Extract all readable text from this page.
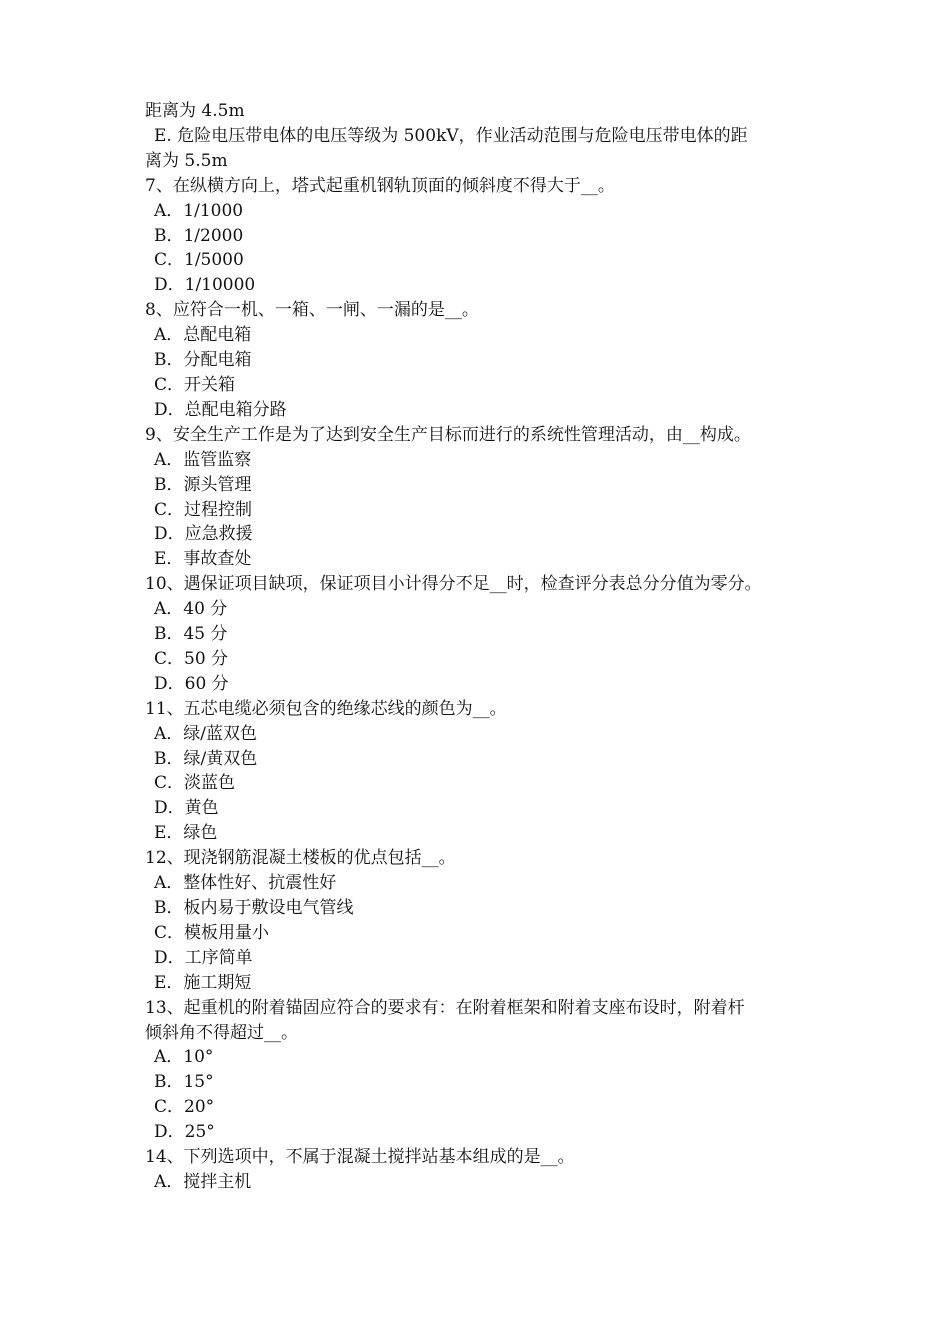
距离为 4.5m
E. 危险电压带电体的电压等级为 500kV，作业活动范围与危险电压带电体的距
离为 5.5m
7、在纵横方向上，塔式起重机钢轨顶面的倾斜度不得大于__。
A．1/1000
B．1/2000
C．1/5000
D．1/10000
8、应符合一机、一箱、一闸、一漏的是__。
A．总配电箱
B．分配电箱
C．开关箱
D．总配电箱分路
9、安全生产工作是为了达到安全生产目标而进行的系统性管理活动，由__构成。
A．监管监察
B．源头管理
C．过程控制
D．应急救援
E．事故查处
10、遇保证项目缺项，保证项目小计得分不足__时，检查评分表总分分值为零分。
A．40 分
B．45 分
C．50 分
D．60 分
11、五芯电缆必须包含的绝缘芯线的颜色为__。
A．绿/蓝双色
B．绿/黄双色
C．淡蓝色
D．黄色
E．绿色
12、现浇钢筋混凝土楼板的优点包括__。
A．整体性好、抗震性好
B．板内易于敷设电气管线
C．模板用量小
D．工序简单
E．施工期短
13、起重机的附着锚固应符合的要求有：在附着框架和附着支座布设时，附着杆
倾斜角不得超过__。
A．10°
B．15°
C．20°
D．25°
14、下列选项中，不属于混凝土搅拌站基本组成的是__。
A．搅拌主机
